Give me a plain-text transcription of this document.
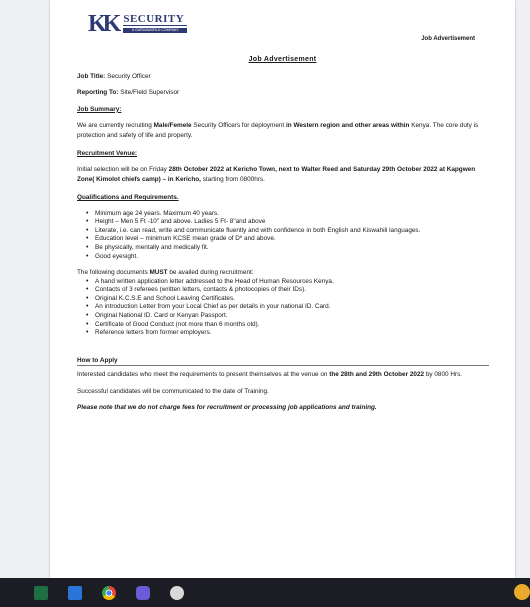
KK SECURITY
A GARDAWORLD COMPANY
Job Advertisement
Job Advertisement

Job Title: Security Officer

Reporting To: Site/Field Supervisor

Job Summary:

We are currently recruiting Male/Femele Security Officers for deployment in Western region and other areas within Kenya. The core duty is protection and safety of life and property.

Recruitment Venue:

Initial selection will be on Friday 28th October 2022 at Kericho Town, next to Walter Reed and Saturday 29th October 2022 at Kapgwen Zone( Kimolot chiefs camp) – in Kericho, starting from 0800hrs.

Qualifications and Requirements.

• Minimum age 24 years. Maximum 40 years.
• Height – Men 5 Ft -10" and above. Ladies 5 Ft- 8"and above
• Literate, i.e. can read, write and communicate fluently and with confidence in both English and Kiswahili languages.
• Education level – minimum KCSE mean grade of Dº and above.
• Be physically, mentally and medically fit.
• Good eyesight.

The following documents MUST be availed during recruitment:

• A hand written application letter addressed to the Head of Human Resources Kenya.
• Contacts of 3 referees (written letters, contacts & photocopies of their IDs).
• Original K.C.S.E and School Leaving Certificates.
• An introduction Letter from your Local Chief as per details in your national ID. Card.
• Original National ID. Card or Kenyan Passport.
• Certificate of Good Conduct (not more than 6 months old).
• Reference letters from former employers.

How to Apply

Interested candidates who meet the requirements to present themselves at the venue on the 28th and 29th October 2022 by 0800 Hrs.

Successful candidates will be communicated to the date of Training.

Please note that we do not charge fees for recruitment or processing job applications and training.
